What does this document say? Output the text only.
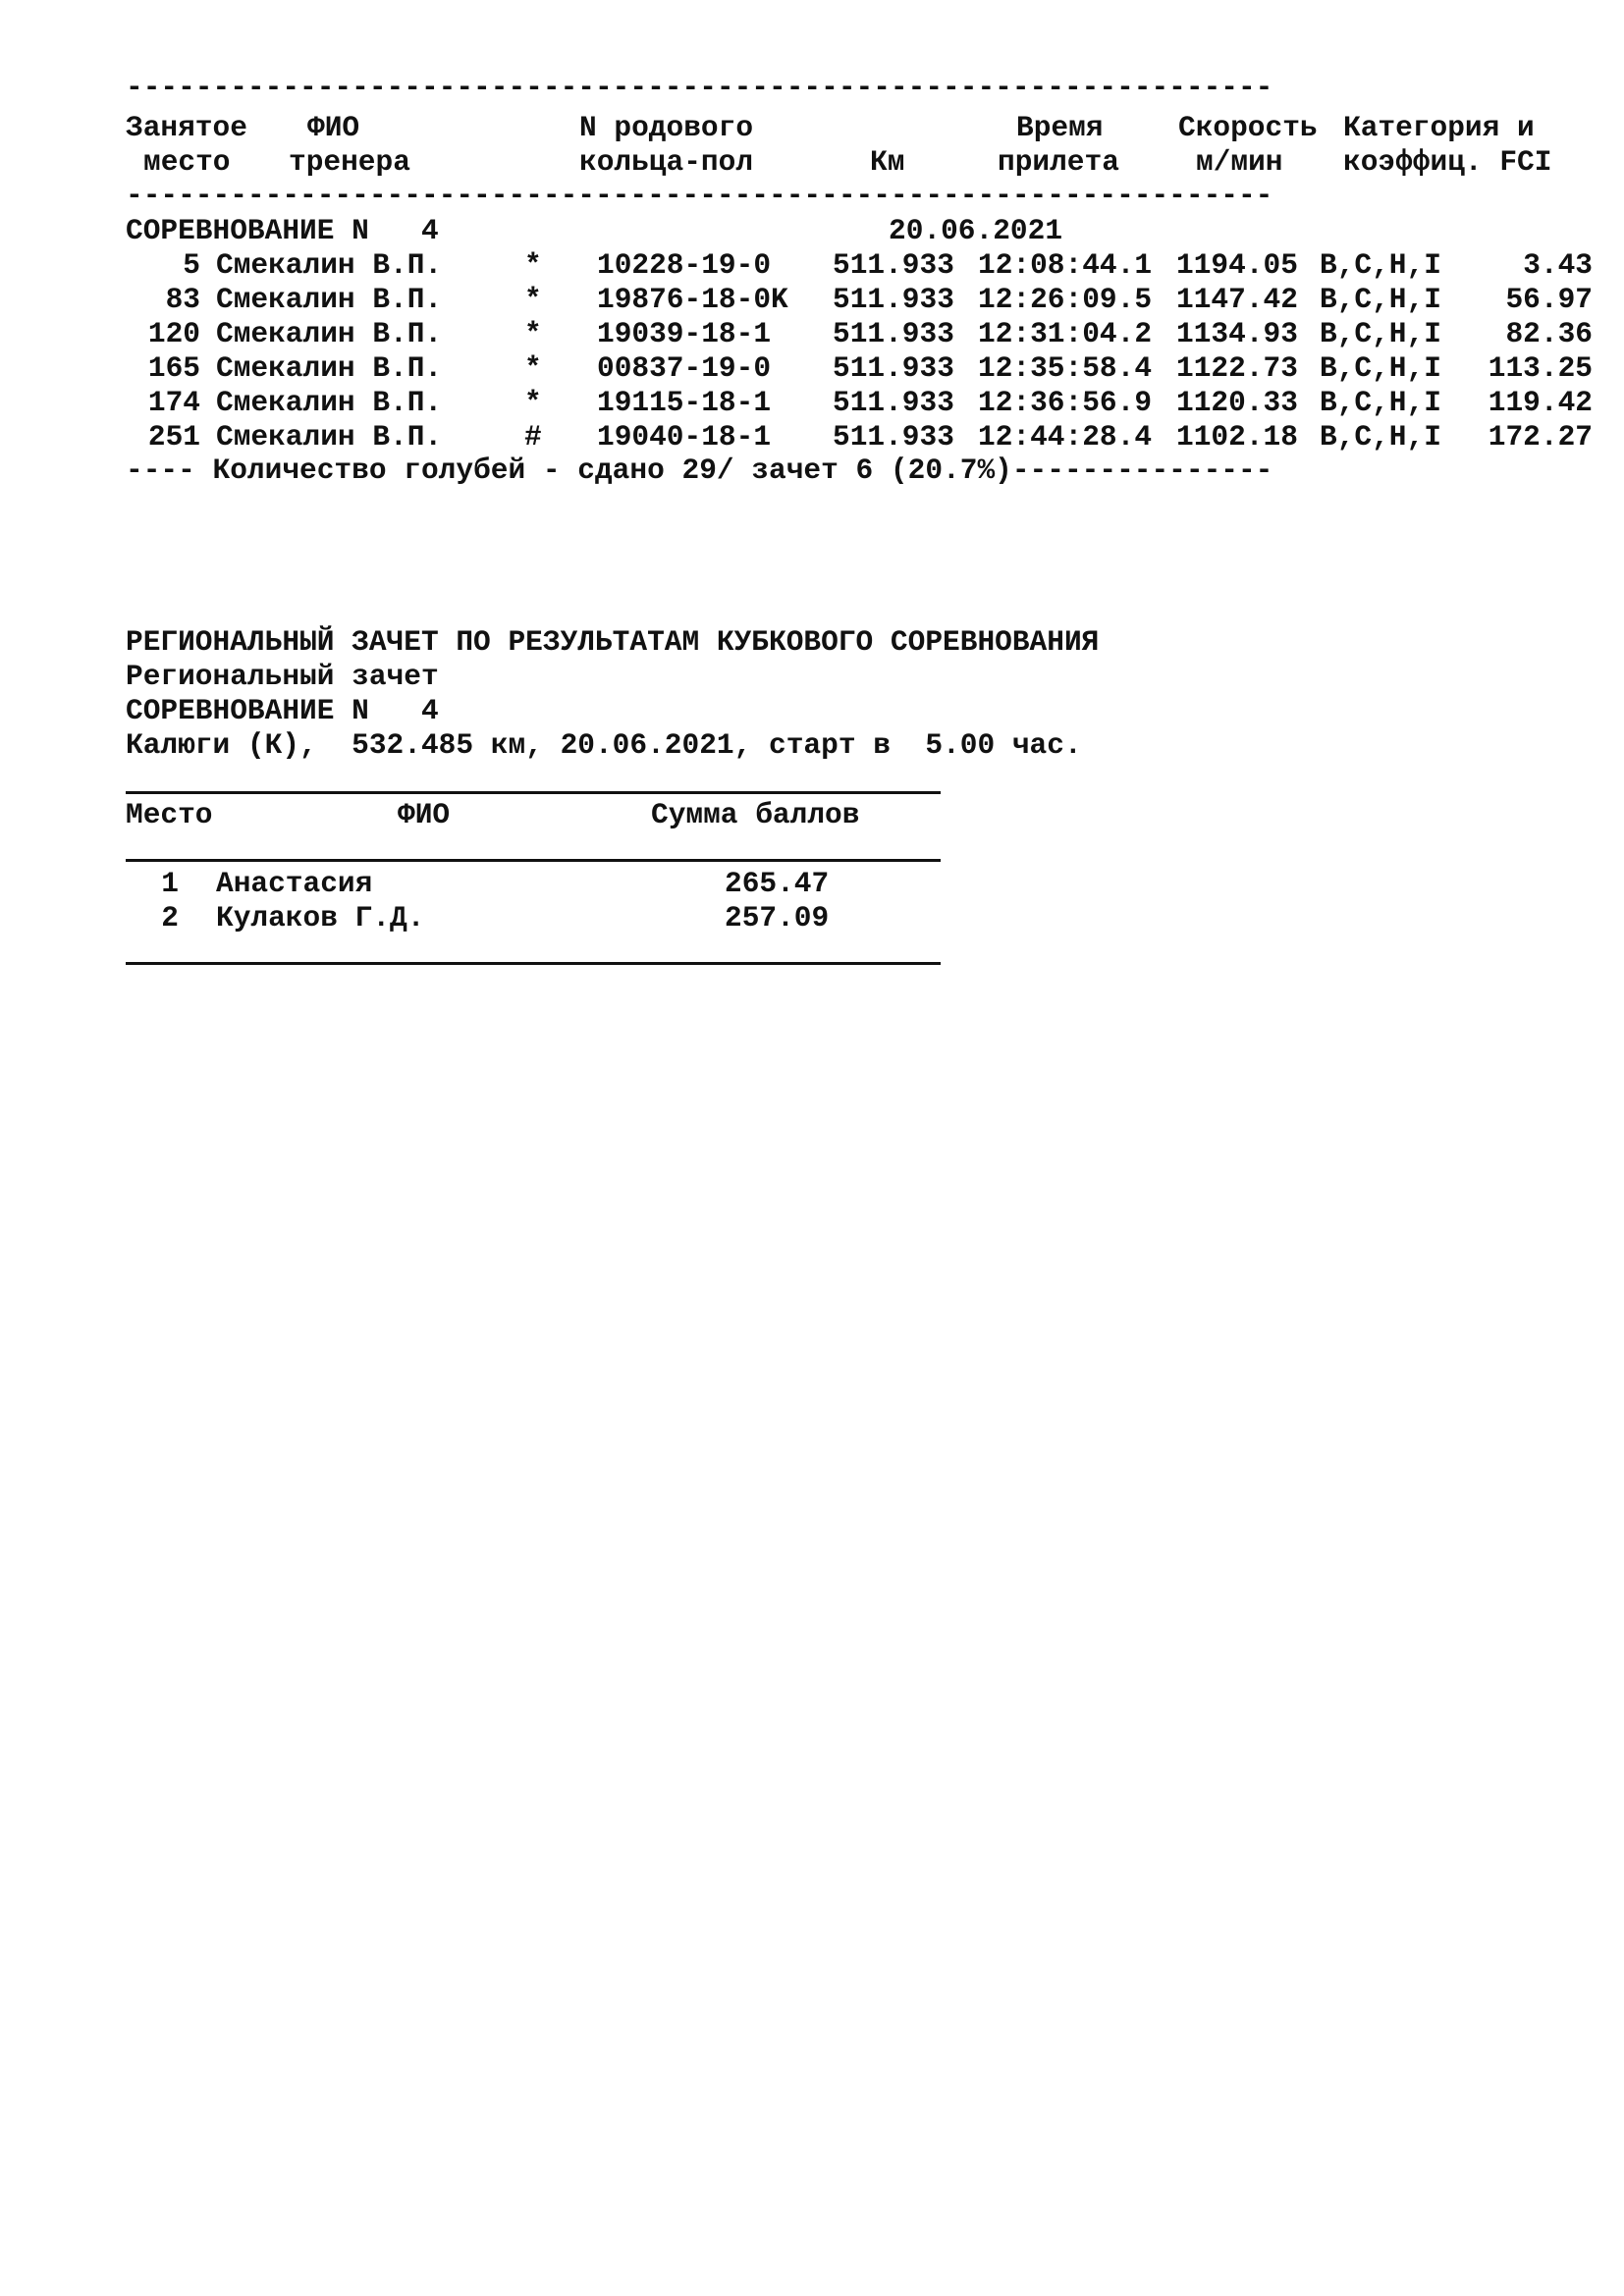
------------------------------------------------------------------
Занятое ФИО	N родового	Время	Скорость Категория и
место тренера	кольца-пол	Км	прилета	м/мин коэффиц. FCI
------------------------------------------------------------------
СОРЕВНОВАНИЕ N   4	20.06.2021
5 Смекалин В.П.	* 10228-19-0 511.933 12:08:44.1 1194.05 B,C,H,I	3.43
83 Смекалин В.П.	* 19876-18-0K 511.933 12:26:09.5 1147.42 B,C,H,I	56.97
120 Смекалин В.П.	* 19039-18-1 511.933 12:31:04.2 1134.93 B,C,H,I	82.36
165 Смекалин В.П.	* 00837-19-0 511.933 12:35:58.4 1122.73 B,C,H,I	113.25
174 Смекалин В.П.	* 19115-18-1 511.933 12:36:56.9 1120.33 B,C,H,I	119.42
251 Смекалин В.П.	# 19040-18-1 511.933 12:44:28.4 1102.18 B,C,H,I	172.27
---- Количество голубей - сдано 29/ зачет 6 (20.7%)---------------
РЕГИОНАЛЬНЫЙ ЗАЧЕТ ПО РЕЗУЛЬТАТАМ КУБКОВОГО СОРЕВНОВАНИЯ
Региональный зачет
СОРЕВНОВАНИЕ N   4
Калюги (К),  532.485 км, 20.06.2021, старт в  5.00 час.
Место	ФИО	Сумма баллов
1 Анастасия	265.47
2 Кулаков Г.Д.	257.09
